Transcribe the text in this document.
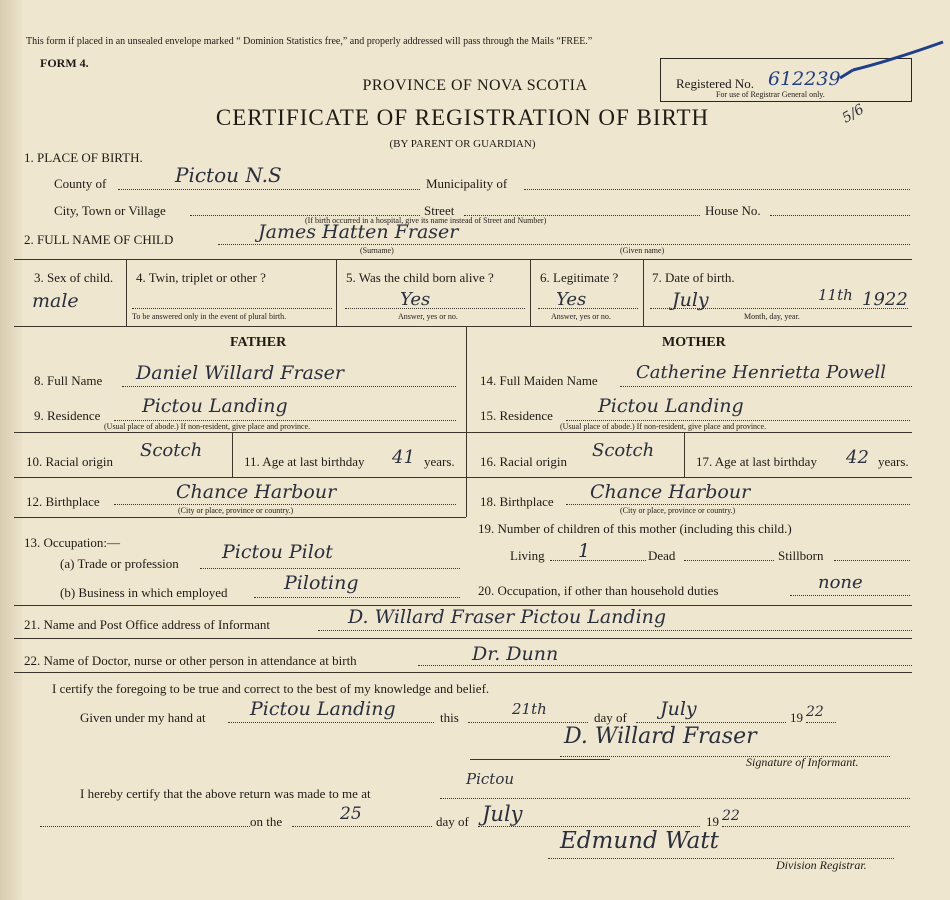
This form if placed in an unsealed envelope marked “ Dominion Statistics free,” and properly addressed will pass through the Mails “FREE.”
FORM 4.
Registered No. 612239
For use of Registrar General only.
5/6
PROVINCE OF NOVA SCOTIA
CERTIFICATE OF REGISTRATION OF BIRTH
(BY PARENT OR GUARDIAN)
1. PLACE OF BIRTH.
County of	Pictou N.S	Municipality of
City, Town or Village	Street	House No.
(If birth occurred in a hospital, give its name instead of Street and Number)
2. FULL NAME OF CHILD	James Hatten Fraser
(Surname)	(Given name)
3. Sex of child.
male
4. Twin, triplet or other ?
To be answered only in the event of plural birth.
5. Was the child born alive ?
Yes
Answer, yes or no.
6. Legitimate ?
Yes
Answer, yes or no.
7. Date of birth.
July	11th 1922
Month, day, year.
FATHER	MOTHER
8. Full Name Daniel Willard Fraser
9. Residence Pictou Landing
(Usual place of abode.) If non-resident, give place and province.
10. Racial origin
Scotch
11. Age at last birthday 41 years.
12. Birthplace	Chance Harbour
(City or place, province or country.)
13. Occupation:—
(a) Trade or profession
Pictou Pilot
(b) Business in which employed	Piloting
14. Full Maiden Name Catherine Henrietta Powell
15. Residence Pictou Landing
(Usual place of abode.) If non-resident, give place and province.
16. Racial origin
Scotch
17. Age at last birthday 42 years.
18. Birthplace Chance Harbour
(City or place, province or country.)
19. Number of children of this mother (including this child.)
Living 1	Dead	Stillborn
20. Occupation, if other than household duties	none
21. Name and Post Office address of Informant	D. Willard Fraser Pictou Landing
22. Name of Doctor, nurse or other person in attendance at birth	Dr. Dunn
I certify the foregoing to be true and correct to the best of my knowledge and belief.
Given under my hand at Pictou Landing	this	21th	day of July	19 22
D. Willard Fraser
Signature of Informant.
I hereby certify that the above return was made to me at
Pictou
on the	25	day of July	19 22
Edmund Watt
Division Registrar.
